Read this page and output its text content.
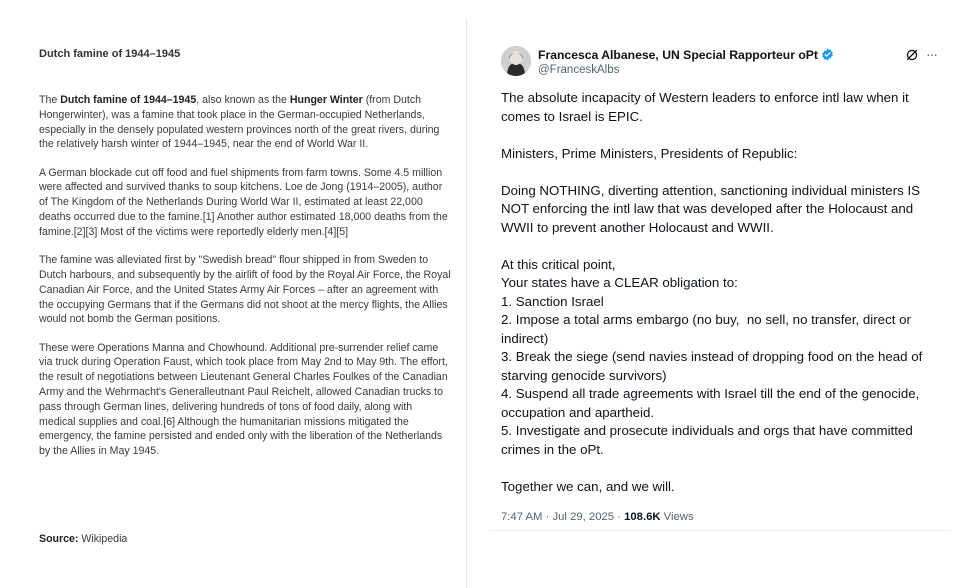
Dutch famine of 1944–1945

The Dutch famine of 1944–1945, also known as the Hunger Winter (from Dutch Hongerwinter), was a famine that took place in the German-occupied Netherlands, especially in the densely populated western provinces north of the great rivers, during the relatively harsh winter of 1944–1945, near the end of World War II.

A German blockade cut off food and fuel shipments from farm towns. Some 4.5 million were affected and survived thanks to soup kitchens. Loe de Jong (1914–2005), author of The Kingdom of the Netherlands During World War II, estimated at least 22,000 deaths occurred due to the famine.[1] Another author estimated 18,000 deaths from the famine.[2][3] Most of the victims were reportedly elderly men.[4][5]

The famine was alleviated first by "Swedish bread" flour shipped in from Sweden to Dutch harbours, and subsequently by the airlift of food by the Royal Air Force, the Royal Canadian Air Force, and the United States Army Air Forces – after an agreement with the occupying Germans that if the Germans did not shoot at the mercy flights, the Allies would not bomb the German positions.

These were Operations Manna and Chowhound. Additional pre-surrender relief came via truck during Operation Faust, which took place from May 2nd to May 9th. The effort, the result of negotiations between Lieutenant General Charles Foulkes of the Canadian Army and the Wehrmacht's Generalleutnant Paul Reichelt, allowed Canadian trucks to pass through German lines, delivering hundreds of tons of food daily, along with medical supplies and coal.[6] Although the humanitarian missions mitigated the emergency, the famine persisted and ended only with the liberation of the Netherlands by the Allies in May 1945.

Source: Wikipedia
Francesca Albanese, UN Special Rapporteur oPt
@FranceskAlbs
···
The absolute incapacity of Western leaders to enforce intl law when it
comes to Israel is EPIC.
Ministers, Prime Ministers, Presidents of Republic:
Doing NOTHING, diverting attention, sanctioning individual ministers IS
NOT enforcing the intl law that was developed after the Holocaust and
WWII to prevent another Holocaust and WWII.
At this critical point,
Your states have a CLEAR obligation to:
1. Sanction Israel
2. Impose a total arms embargo (no buy,  no sell, no transfer, direct or
indirect)
3. Break the siege (send navies instead of dropping food on the head of
starving genocide survivors)
4. Suspend all trade agreements with Israel till the end of the genocide,
occupation and apartheid.
5. Investigate and prosecute individuals and orgs that have committed
crimes in the oPt.
Together we can, and we will.
7:47 AM · Jul 29, 2025 · 108.6K Views
